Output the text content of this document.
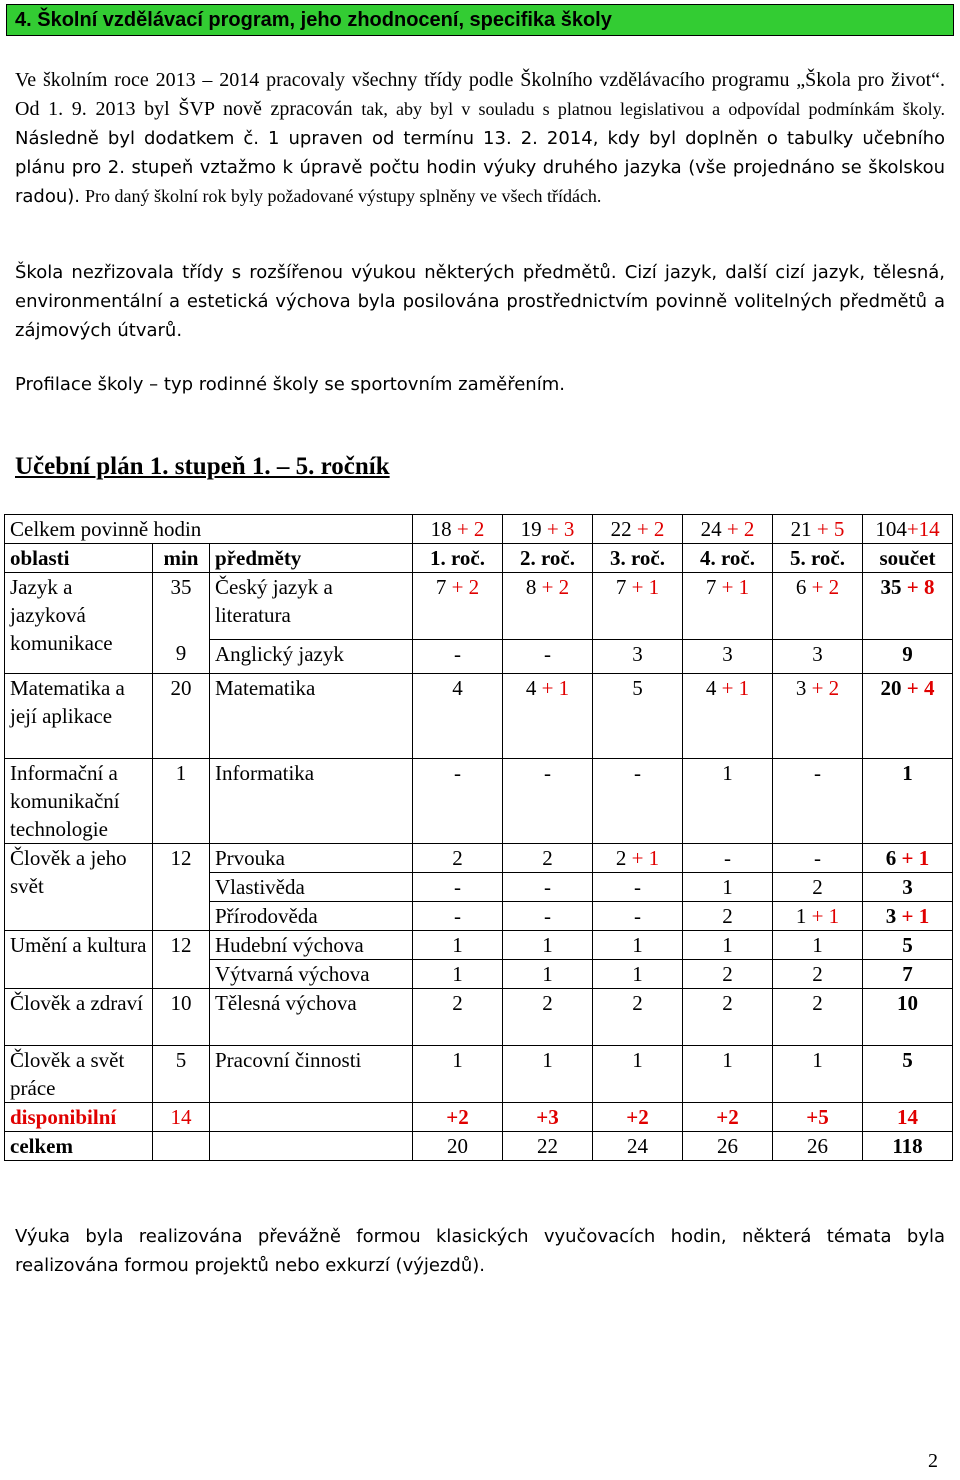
4. Školní vzdělávací program, jeho zhodnocení, specifika školy
Ve školním roce 2013 – 2014 pracovaly všechny třídy podle Školního vzdělávacího programu „Škola pro život“. Od 1. 9. 2013 byl ŠVP nově zpracován tak, aby byl v souladu s platnou legislativou a odpovídal podmínkám školy. Následně byl dodatkem č. 1 upraven od termínu 13. 2. 2014, kdy byl doplněn o tabulky učebního plánu pro 2. stupeň vztažmo k úpravě počtu hodin výuky druhého jazyka (vše projednáno se školskou radou). Pro daný školní rok byly požadované výstupy splněny ve všech třídách.
Škola nezřizovala třídy s rozšířenou výukou některých předmětů. Cizí jazyk, další cizí jazyk, tělesná, environmentální a estetická výchova byla posilována prostřednictvím povinně volitelných předmětů a zájmových útvarů.
Profilace školy – typ rodinné školy se sportovním zaměřením.
Učební plán 1. stupeň 1. – 5. ročník
Celkem povinně hodin			18 + 2	19 + 3	22 + 2	24 + 2	21 + 5	104+14
oblasti	min	předměty	1. roč.	2. roč.	3. roč.	4. roč.	5. roč.	součet
Jazyk a jazyková komunikace	35	Český jazyk a literatura	7 + 2	8 + 2	7 + 1	7 + 1	6 + 2	35 + 8
	9	Anglický jazyk	-	-	3	3	3	9
Matematika a její aplikace	20	Matematika	4	4 + 1	5	4 + 1	3 + 2	20 + 4
Informační a komunikační technologie	1	Informatika	-	-	-	1	-	1
Člověk a jeho svět	12	Prvouka	2	2	2 + 1	-	-	6 + 1
		Vlastivěda	-	-	-	1	2	3
		Přírodověda	-	-	-	2	1 + 1	3 + 1
Umění a kultura	12	Hudební výchova	1	1	1	1	1	5
		Výtvarná výchova	1	1	1	2	2	7
Člověk a zdraví	10	Tělesná výchova	2	2	2	2	2	10
Člověk a svět práce	5	Pracovní činnosti	1	1	1	1	1	5
disponibilní	14		+2	+3	+2	+2	+5	14
celkem			20	22	24	26	26	118
Výuka byla realizována převážně formou klasických vyučovacích hodin, některá témata byla realizována formou projektů nebo exkurzí (výjezdů).
2
